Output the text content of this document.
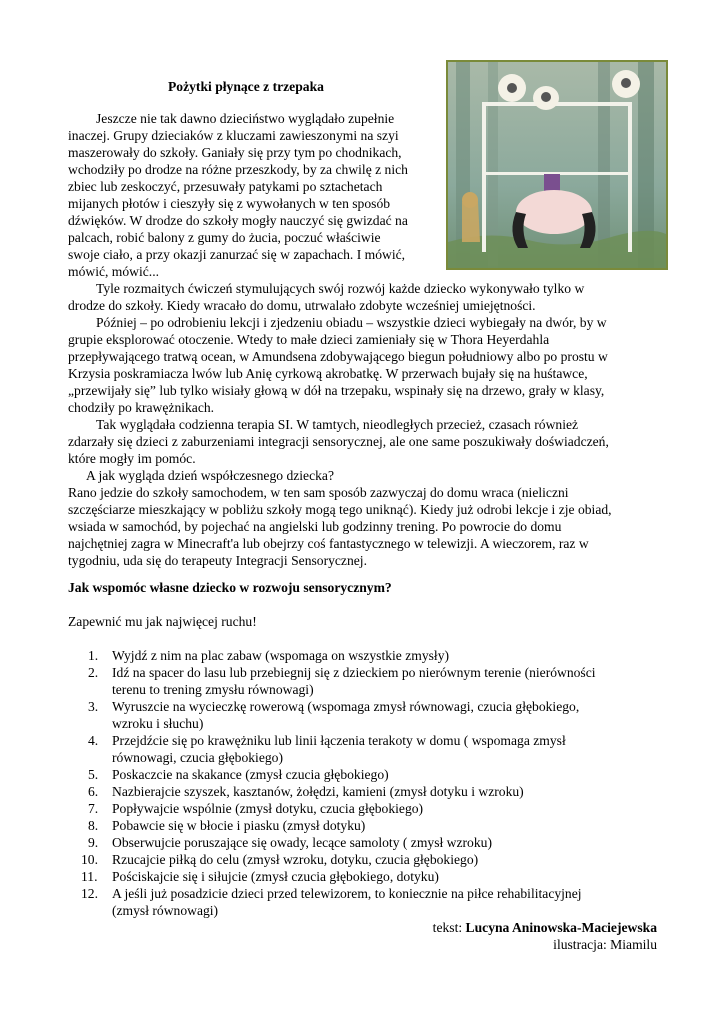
Pożytki płynące z trzepaka
Jeszcze nie tak dawno dzieciństwo wyglądało zupełnie
inaczej. Grupy dzieciaków z kluczami zawieszonymi na szyi
maszerowały do szkoły. Ganiały się przy tym po chodnikach,
wchodziły po drodze na różne przeszkody, by za chwilę z nich
zbiec lub zeskoczyć, przesuwały patykami po sztachetach
mijanych płotów i cieszyły się z wywołanych w ten sposób
dźwięków. W drodze do szkoły mogły nauczyć się gwizdać na
palcach, robić balony z gumy do żucia, poczuć właściwie
swoje ciało, a przy okazji zanurzać się w zapachach. I mówić,
mówić, mówić...
Tyle rozmaitych ćwiczeń stymulujących swój rozwój każde dziecko wykonywało tylko w
drodze do szkoły. Kiedy wracało do domu, utrwalało zdobyte wcześniej umiejętności.
Później – po odrobieniu lekcji i zjedzeniu obiadu – wszystkie dzieci wybiegały na dwór, by w
grupie eksplorować otoczenie. Wtedy to małe dzieci zamieniały się w Thora Heyerdahla
przepływającego tratwą ocean, w Amundsena zdobywającego biegun południowy albo po prostu w
Krzysia poskramiacza lwów lub Anię cyrkową akrobatkę. W przerwach bujały się na huśtawce,
„przewijały się” lub tylko wisiały głową w dół na trzepaku, wspinały się na drzewo, grały w klasy,
chodziły po krawężnikach.
Tak wyglądała codzienna terapia SI. W tamtych, nieodległych przecież, czasach również
zdarzały się dzieci z zaburzeniami integracji sensorycznej, ale one same poszukiwały doświadczeń,
które mogły im pomóc.
A jak wygląda dzień współczesnego dziecka?
Rano jedzie do szkoły samochodem, w ten sam sposób zazwyczaj do domu wraca (nieliczni
szczęściarze mieszkający w pobliżu szkoły mogą tego uniknąć). Kiedy już odrobi lekcje i zje obiad,
wsiada w samochód, by pojechać na angielski lub godzinny trening. Po powrocie do domu
najchętniej zagra w Minecraft'a lub obejrzy coś fantastycznego w telewizji. A wieczorem, raz w
tygodniu, uda się do terapeuty Integracji Sensorycznej.
Jak wspomóc własne dziecko w rozwoju sensorycznym?
Zapewnić mu jak najwięcej ruchu!
1. Wyjdź z nim na plac zabaw (wspomaga on wszystkie zmysły)
2. Idź na spacer do lasu lub przebiegnij się z dzieckiem po nierównym terenie (nierówności
terenu to trening zmysłu równowagi)
3. Wyruszcie na wycieczkę rowerową (wspomaga zmysł równowagi, czucia głębokiego,
wzroku i słuchu)
4. Przejdźcie się po krawężniku lub linii łączenia terakoty w domu ( wspomaga zmysł
równowagi, czucia głębokiego)
5. Poskaczcie na skakance (zmysł czucia głębokiego)
6. Nazbierajcie szyszek, kasztanów, żołędzi, kamieni (zmysł dotyku i wzroku)
7. Popływajcie wspólnie (zmysł dotyku, czucia głębokiego)
8. Pobawcie się w błocie i piasku (zmysł dotyku)
9. Obserwujcie poruszające się owady, lecące samoloty ( zmysł wzroku)
10. Rzucajcie piłką do celu (zmysł wzroku, dotyku, czucia głębokiego)
11. Pościskajcie się i siłujcie (zmysł czucia głębokiego, dotyku)
12. A jeśli już posadzicie dzieci przed telewizorem, to koniecznie na piłce rehabilitacyjnej
(zmysł równowagi)
tekst: Lucyna Aninowska-Maciejewska
ilustracja: Miamilu
